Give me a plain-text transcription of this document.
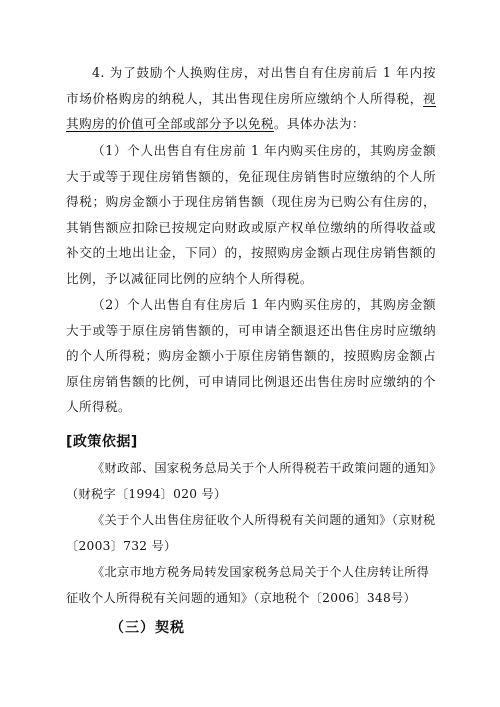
4. 为了鼓励个人换购住房，对出售自有住房前后 1 年内按市场价格购房的纳税人，其出售现住房所应缴纳个人所得税，视其购房的价值可全部或部分予以免税。具体办法为：

（1）个人出售自有住房前 1 年内购买住房的，其购房金额大于或等于现住房销售额的，免征现住房销售时应缴纳的个人所得税；购房金额小于现住房销售额（现住房为已购公有住房的，其销售额应扣除已按规定向财政或原产权单位缴纳的所得收益或补交的土地出让金，下同）的，按照购房金额占现住房销售额的比例，予以减征同比例的应纳个人所得税。

（2）个人出售自有住房后 1 年内购买住房的，其购房金额大于或等于原住房销售额的，可申请全额退还出售住房时应缴纳的个人所得税；购房金额小于原住房销售额的，按照购房金额占原住房销售额的比例，可申请同比例退还出售住房时应缴纳的个人所得税。

[政策依据]

《财政部、国家税务总局关于个人所得税若干政策问题的通知》（财税字〔1994〕020 号）

《关于个人出售住房征收个人所得税有关问题的通知》（京财税〔2003〕732 号）

《北京市地方税务局转发国家税务总局关于个人住房转让所得征收个人所得税有关问题的通知》（京地税个〔2006〕348号）

（三）契税
